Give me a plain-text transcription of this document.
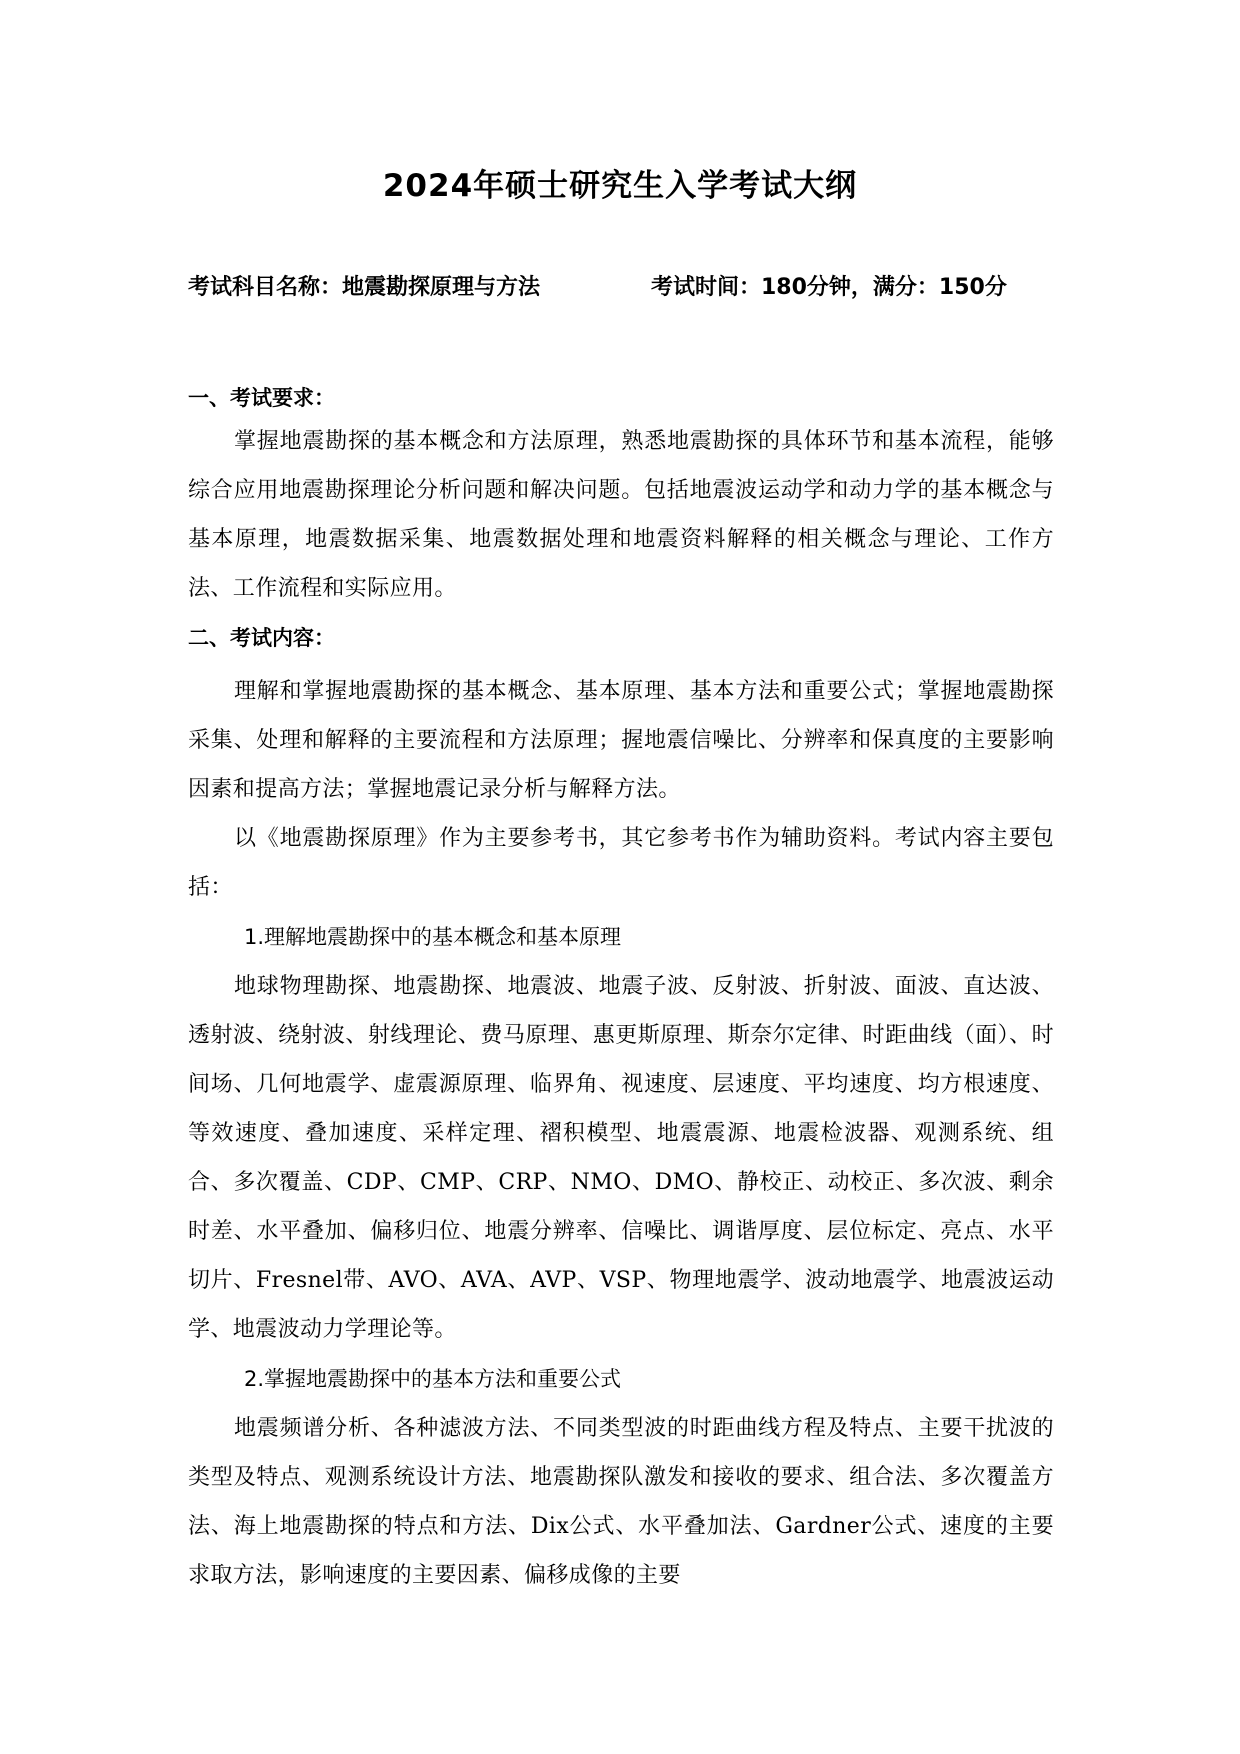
2024年硕士研究生入学考试大纲
考试科目名称：地震勘探原理与方法	考试时间：180分钟，满分：150分
一、考试要求：

掌握地震勘探的基本概念和方法原理，熟悉地震勘探的具体环节和基本流程，能够综合应用地震勘探理论分析问题和解决问题。包括地震波运动学和动力学的基本概念与基本原理，地震数据采集、地震数据处理和地震资料解释的相关概念与理论、工作方法、工作流程和实际应用。

二、考试内容：

理解和掌握地震勘探的基本概念、基本原理、基本方法和重要公式；掌握地震勘探采集、处理和解释的主要流程和方法原理；握地震信噪比、分辨率和保真度的主要影响因素和提高方法；掌握地震记录分析与解释方法。

以《地震勘探原理》作为主要参考书，其它参考书作为辅助资料。考试内容主要包括：

1.理解地震勘探中的基本概念和基本原理

地球物理勘探、地震勘探、地震波、地震子波、反射波、折射波、面波、直达波、透射波、绕射波、射线理论、费马原理、惠更斯原理、斯奈尔定律、时距曲线（面）、时间场、几何地震学、虚震源原理、临界角、视速度、层速度、平均速度、均方根速度、等效速度、叠加速度、采样定理、褶积模型、地震震源、地震检波器、观测系统、组合、多次覆盖、CDP、CMP、CRP、NMO、DMO、静校正、动校正、多次波、剩余时差、水平叠加、偏移归位、地震分辨率、信噪比、调谐厚度、层位标定、亮点、水平切片、Fresnel带、AVO、AVA、AVP、VSP、物理地震学、波动地震学、地震波运动学、地震波动力学理论等。

2.掌握地震勘探中的基本方法和重要公式

地震频谱分析、各种滤波方法、不同类型波的时距曲线方程及特点、主要干扰波的类型及特点、观测系统设计方法、地震勘探队激发和接收的要求、组合法、多次覆盖方法、海上地震勘探的特点和方法、Dix公式、水平叠加法、Gardner公式、速度的主要求取方法，影响速度的主要因素、偏移成像的主要
